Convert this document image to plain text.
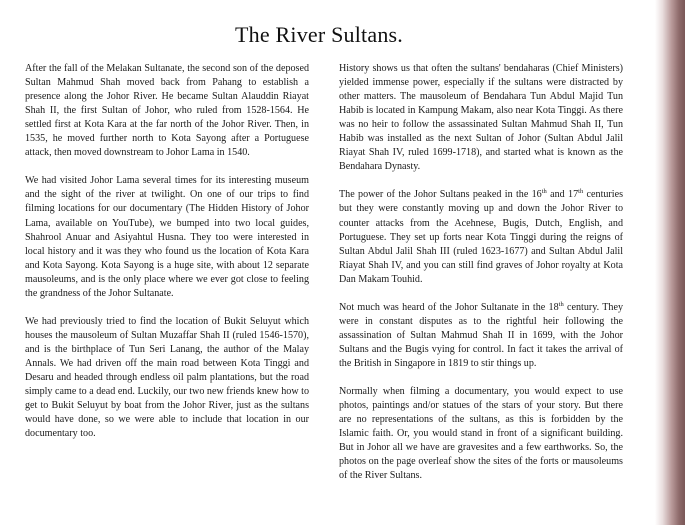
The River Sultans.

After the fall of the Melakan Sultanate, the second son of the deposed Sultan Mahmud Shah moved back from Pahang to establish a presence along the Johor River. He became Sultan Alauddin Riayat Shah II, the first Sultan of Johor, who ruled from 1528-1564. He settled first at Kota Kara at the far north of the Johor River. Then, in 1535, he moved further north to Kota Sayong after a Portuguese attack, then moved downstream to Johor Lama in 1540.

We had visited Johor Lama several times for its interesting museum and the sight of the river at twilight. On one of our trips to find filming locations for our documentary (The Hidden History of Johor Lama, available on YouTube), we bumped into two local guides, Shahrool Anuar and Asiyahtul Husna. They too were interested in local history and it was they who found us the location of Kota Kara and Kota Sayong. Kota Sayong is a huge site, with about 12 separate mausoleums, and is the only place where we ever got close to feeling the grandness of the Johor Sultanate.

We had previously tried to find the location of Bukit Seluyut which houses the mausoleum of Sultan Muzaffar Shah II (ruled 1546-1570), and is the birthplace of Tun Seri Lanang, the author of the Malay Annals. We had driven off the main road between Kota Tinggi and Desaru and headed through endless oil palm plantations, but the road simply came to a dead end. Luckily, our two new friends knew how to get to Bukit Seluyut by boat from the Johor River, just as the sultans would have done, so we were able to include that location in our documentary too.

History shows us that often the sultans' bendaharas (Chief Ministers) yielded immense power, especially if the sultans were distracted by other matters. The mausoleum of Bendahara Tun Abdul Majid Tun Habib is located in Kampung Makam, also near Kota Tinggi. As there was no heir to follow the assassinated Sultan Mahmud Shah II, Tun Habib was installed as the next Sultan of Johor (Sultan Abdul Jalil Riayat Shah IV, ruled 1699-1718), and started what is known as the Bendahara Dynasty.

The power of the Johor Sultans peaked in the 16th and 17th centuries but they were constantly moving up and down the Johor River to counter attacks from the Acehnese, Bugis, Dutch, English, and Portuguese. They set up forts near Kota Tinggi during the reigns of Sultan Abdul Jalil Shah III (ruled 1623-1677) and Sultan Abdul Jalil Riayat Shah IV, and you can still find graves of Johor royalty at Kota Dan Makam Touhid.

Not much was heard of the Johor Sultanate in the 18th century. They were in constant disputes as to the rightful heir following the assassination of Sultan Mahmud Shah II in 1699, with the Johor Sultans and the Bugis vying for control. In fact it takes the arrival of the British in Singapore in 1819 to stir things up.

Normally when filming a documentary, you would expect to use photos, paintings and/or statues of the stars of your story. But there are no representations of the sultans, as this is forbidden by the Islamic faith. Or, you would stand in front of a significant building. But in Johor all we have are gravesites and a few earthworks. So, the photos on the page overleaf show the sites of the forts or mausoleums of the River Sultans.
